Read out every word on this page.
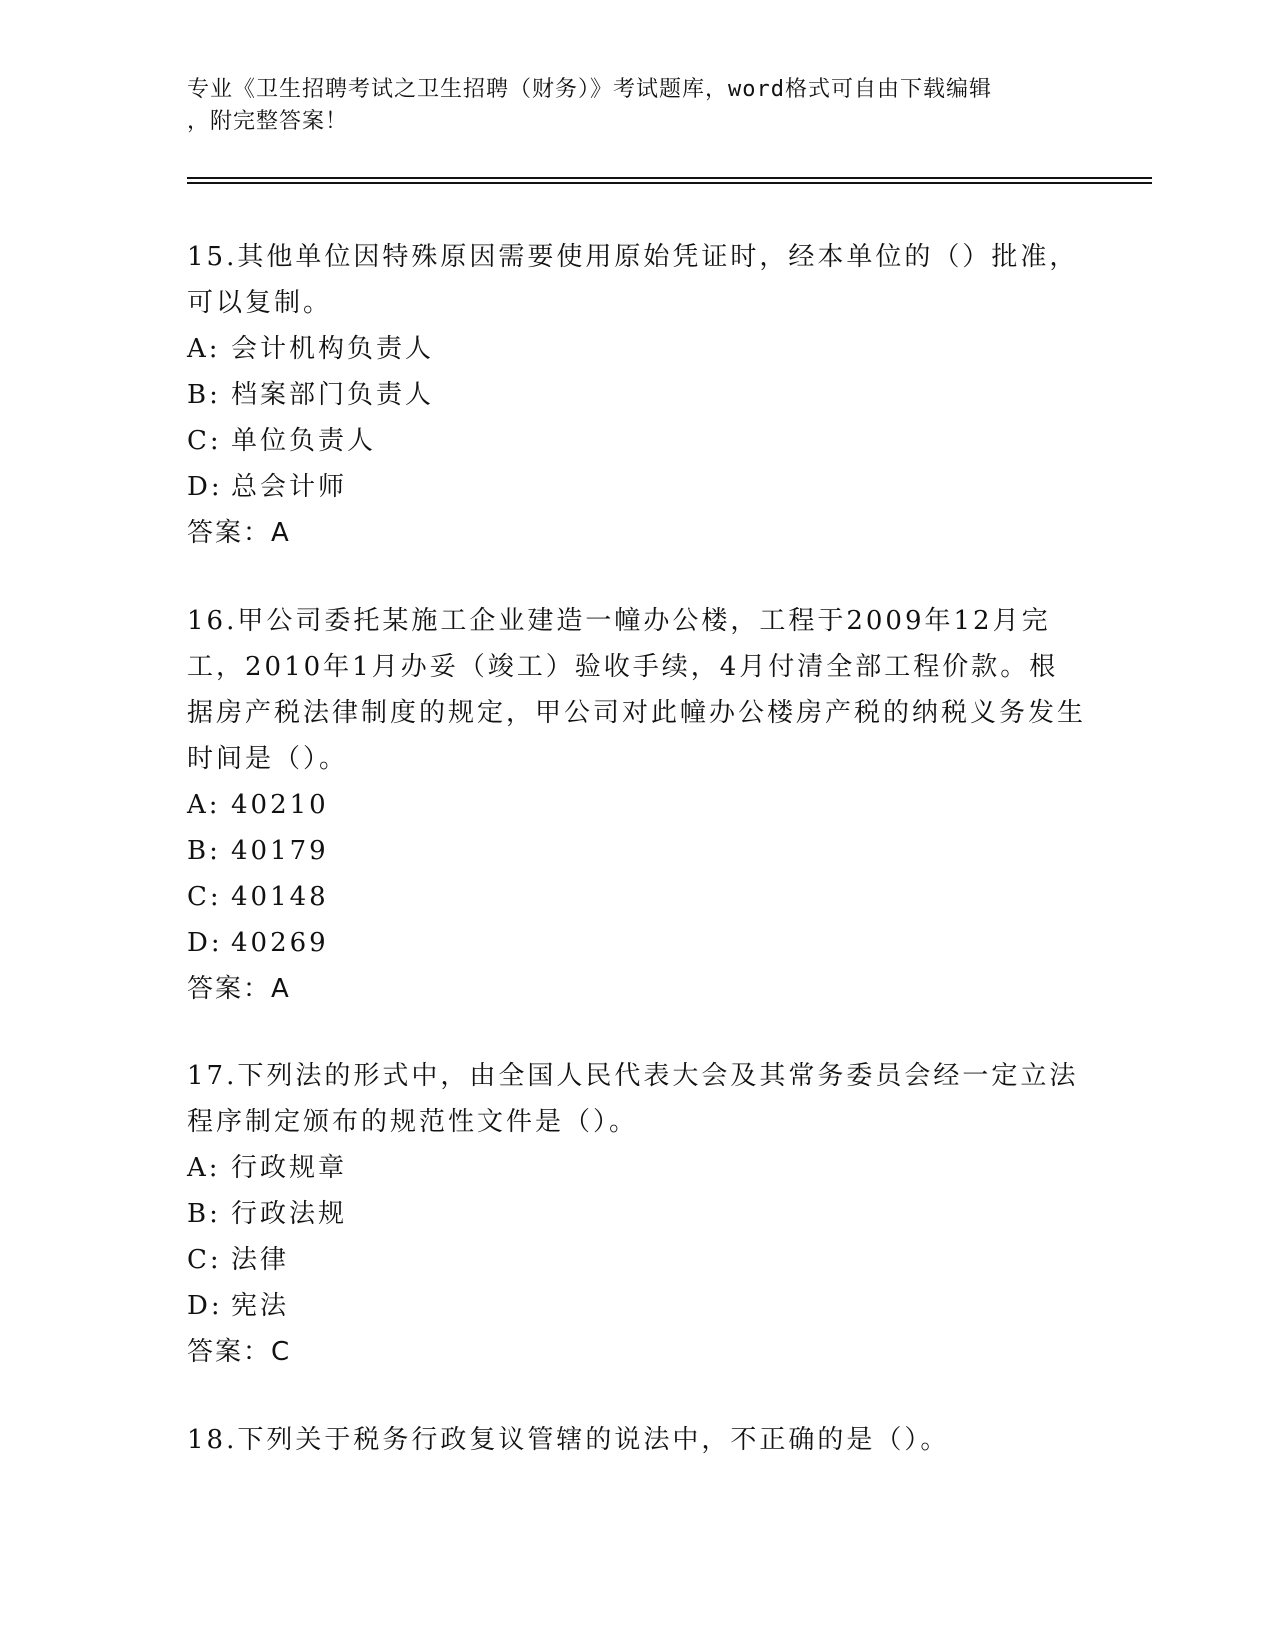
专业《卫生招聘考试之卫生招聘（财务）》考试题库，word格式可自由下载编辑
，附完整答案！

15.其他单位因特殊原因需要使用原始凭证时，经本单位的（）批准，可以复制。

A: 会计机构负责人

B: 档案部门负责人

C: 单位负责人

D: 总会计师

答案：A

16.甲公司委托某施工企业建造一幢办公楼，工程于2009年12月完工，2010年1月办妥（竣工）验收手续，4月付清全部工程价款。根据房产税法律制度的规定，甲公司对此幢办公楼房产税的纳税义务发生时间是（）。

A: 40210

B: 40179

C: 40148

D: 40269

答案：A

17.下列法的形式中，由全国人民代表大会及其常务委员会经一定立法程序制定颁布的规范性文件是（）。

A: 行政规章

B: 行政法规

C: 法律

D: 宪法

答案：C

18.下列关于税务行政复议管辖的说法中，不正确的是（）。
